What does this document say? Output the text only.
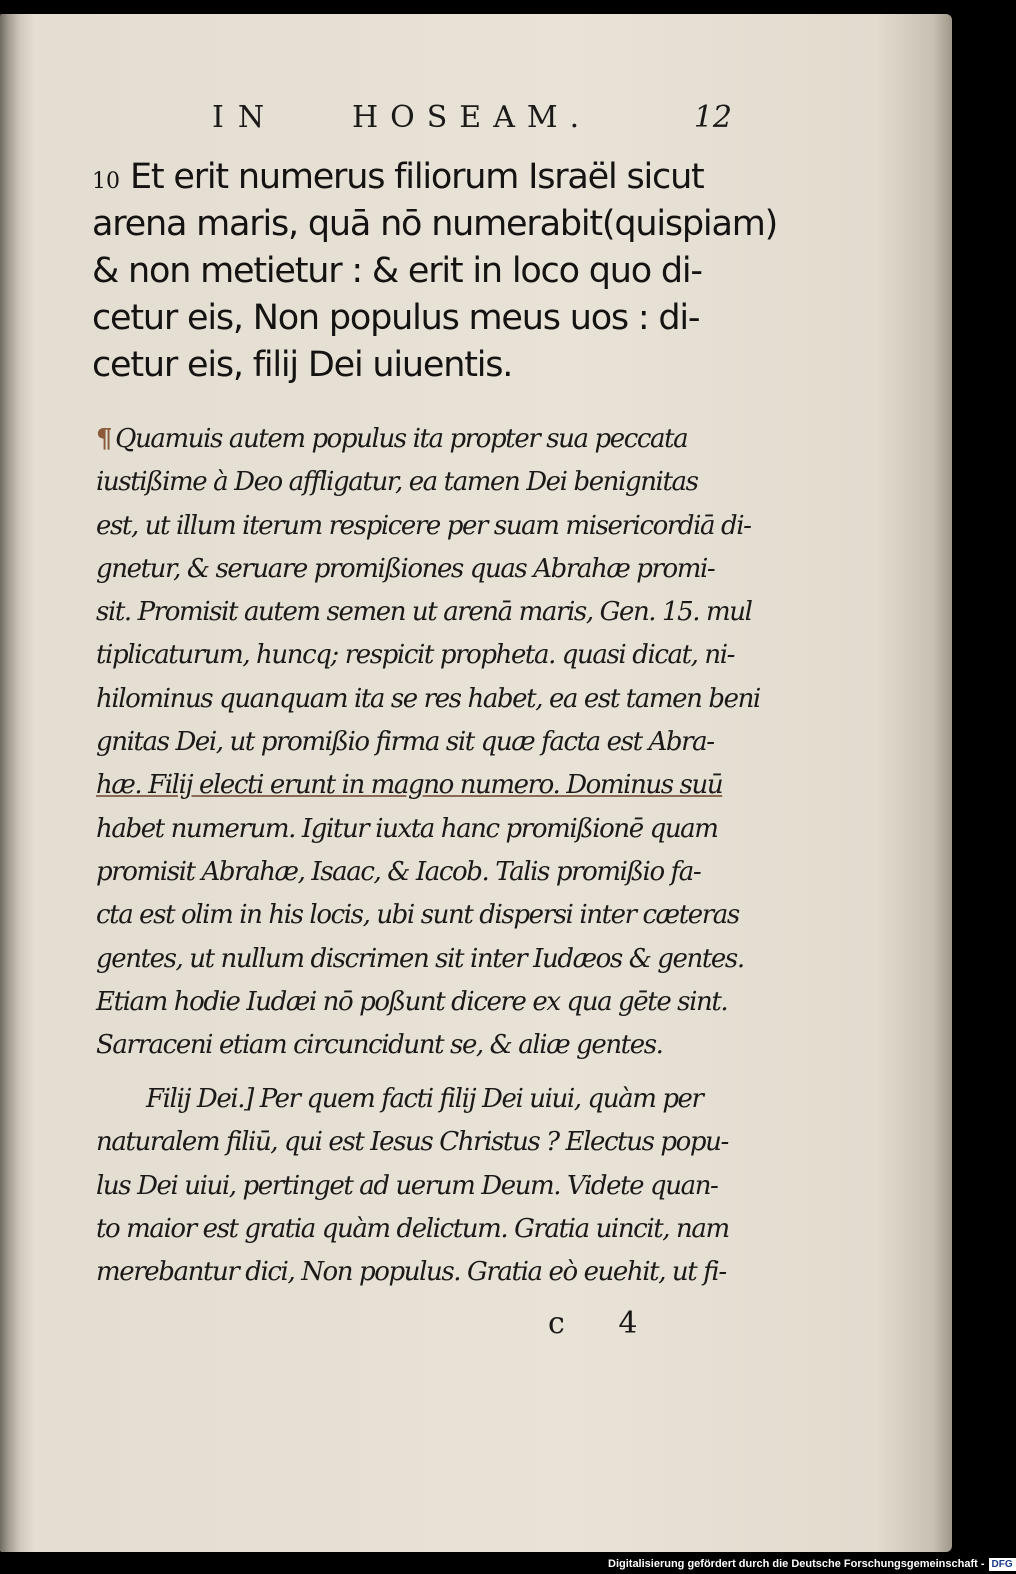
IN HOSEAM.	12
10 Et erit numerus filiorum Israël sicut
arena maris, quā nō numerabit(quispiam)
& non metietur : & erit in loco quo di-
cetur eis, Non populus meus uos : di-
cetur eis, filij Dei uiuentis.
¶ Quamuis autem populus ita propter sua peccata
iustißime à Deo affligatur, ea tamen Dei benignitas
est, ut illum iterum respicere per suam misericordiā di-
gnetur, & seruare promißiones quas Abrahæ promi-
sit. Promisit autem semen ut arenā maris, Gen. 15. mul
tiplicaturum, huncq; respicit propheta. quasi dicat, ni-
hilominus quanquam ita se res habet, ea est tamen beni
gnitas Dei, ut promißio firma sit quæ facta est Abra-
hæ. Filij electi erunt in magno numero. Dominus suū
habet numerum. Igitur iuxta hanc promißionē quam
promisit Abrahæ, Isaac, & Iacob. Talis promißio fa-
cta est olim in his locis, ubi sunt dispersi inter cæteras
gentes, ut nullum discrimen sit inter Iudæos & gentes.
Etiam hodie Iudæi nō poßunt dicere ex qua gēte sint.
Sarraceni etiam circuncidunt se, & aliæ gentes.
Filij Dei.] Per quem facti filij Dei uiui, quàm per
naturalem filiū, qui est Iesus Christus ? Electus popu-
lus Dei uiui, pertinget ad uerum Deum. Videte quan-
to maior est gratia quàm delictum. Gratia uincit, nam
merebantur dici, Non populus. Gratia eò euehit, ut fi-
c 4
Digitalisierung gefördert durch die Deutsche Forschungsgemeinschaft - DFG
